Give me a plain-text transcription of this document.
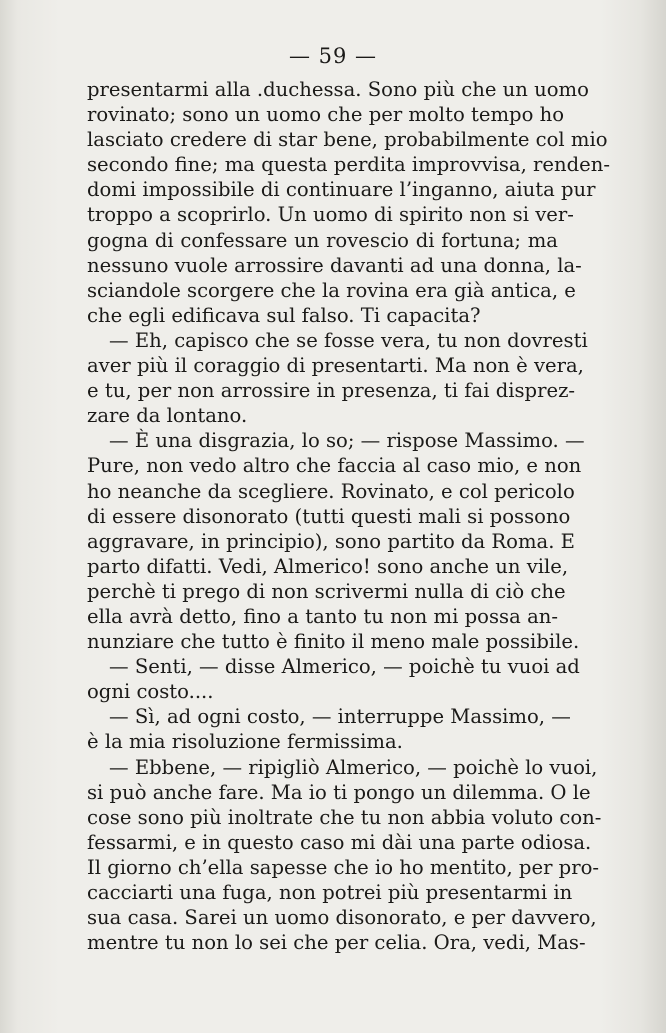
— 59 —
presentarmi alla .duchessa. Sono più che un uomo
rovinato; sono un uomo che per molto tempo ho
lasciato credere di star bene, probabilmente col mio
secondo fine; ma questa perdita improvvisa, renden-
domi impossibile di continuare l’inganno, aiuta pur
troppo a scoprirlo. Un uomo di spirito non si ver-
gogna di confessare un rovescio di fortuna; ma
nessuno vuole arrossire davanti ad una donna, la-
sciandole scorgere che la rovina era già antica, e
che egli edificava sul falso. Ti capacita?
— Eh, capisco che se fosse vera, tu non dovresti
aver più il coraggio di presentarti. Ma non è vera,
e tu, per non arrossire in presenza, ti fai disprez-
zare da lontano.
— È una disgrazia, lo so; — rispose Massimo. —
Pure, non vedo altro che faccia al caso mio, e non
ho neanche da scegliere. Rovinato, e col pericolo
di essere disonorato (tutti questi mali si possono
aggravare, in principio), sono partito da Roma. E
parto difatti. Vedi, Almerico! sono anche un vile,
perchè ti prego di non scrivermi nulla di ciò che
ella avrà detto, fino a tanto tu non mi possa an-
nunziare che tutto è finito il meno male possibile.
— Senti, — disse Almerico, — poichè tu vuoi ad
ogni costo....
— Sì, ad ogni costo, — interruppe Massimo, —
è la mia risoluzione fermissima.
— Ebbene, — ripigliò Almerico, — poichè lo vuoi,
si può anche fare. Ma io ti pongo un dilemma. O le
cose sono più inoltrate che tu non abbia voluto con-
fessarmi, e in questo caso mi dài una parte odiosa.
Il giorno ch’ella sapesse che io ho mentito, per pro-
cacciarti una fuga, non potrei più presentarmi in
sua casa. Sarei un uomo disonorato, e per davvero,
mentre tu non lo sei che per celia. Ora, vedi, Mas-
